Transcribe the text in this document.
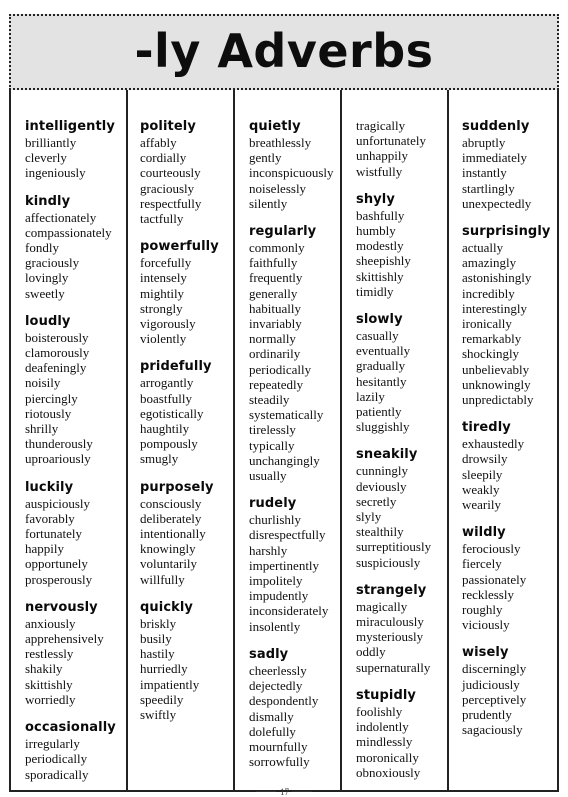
-ly Adverbs
intelligently
brilliantly
cleverly
ingeniously
kindly
affectionately
compassionately
fondly
graciously
lovingly
sweetly
loudly
boisterously
clamorously
deafeningly
noisily
piercingly
riotously
shrilly
thunderously
uproariously
luckily
auspiciously
favorably
fortunately
happily
opportunely
prosperously
nervously
anxiously
apprehensively
restlessly
shakily
skittishly
worriedly
occasionally
irregularly
periodically
sporadically
politely
affably
cordially
courteously
graciously
respectfully
tactfully
powerfully
forcefully
intensely
mightily
strongly
vigorously
violently
pridefully
arrogantly
boastfully
egotistically
haughtily
pompously
smugly
purposely
consciously
deliberately
intentionally
knowingly
voluntarily
willfully
quickly
briskly
busily
hastily
hurriedly
impatiently
speedily
swiftly
quietly
breathlessly
gently
inconspicuously
noiselessly
silently
regularly
commonly
faithfully
frequently
generally
habitually
invariably
normally
ordinarily
periodically
repeatedly
steadily
systematically
tirelessly
typically
unchangingly
usually
rudely
churlishly
disrespectfully
harshly
impertinently
impolitely
impudently
inconsiderately
insolently
sadly
cheerlessly
dejectedly
despondently
dismally
dolefully
mournfully
sorrowfully
tragically
unfortunately
unhappily
wistfully
shyly
bashfully
humbly
modestly
sheepishly
skittishly
timidly
slowly
casually
eventually
gradually
hesitantly
lazily
patiently
sluggishly
sneakily
cunningly
deviously
secretly
slyly
stealthily
surreptitiously
suspiciously
strangely
magically
miraculously
mysteriously
oddly
supernaturally
stupidly
foolishly
indolently
mindlessly
moronically
obnoxiously
suddenly
abruptly
immediately
instantly
startlingly
unexpectedly
surprisingly
actually
amazingly
astonishingly
incredibly
interestingly
ironically
remarkably
shockingly
unbelievably
unknowingly
unpredictably
tiredly
exhaustedly
drowsily
sleepily
weakly
wearily
wildly
ferociously
fiercely
passionately
recklessly
roughly
viciously
wisely
discerningly
judiciously
perceptively
prudently
sagaciously
17
